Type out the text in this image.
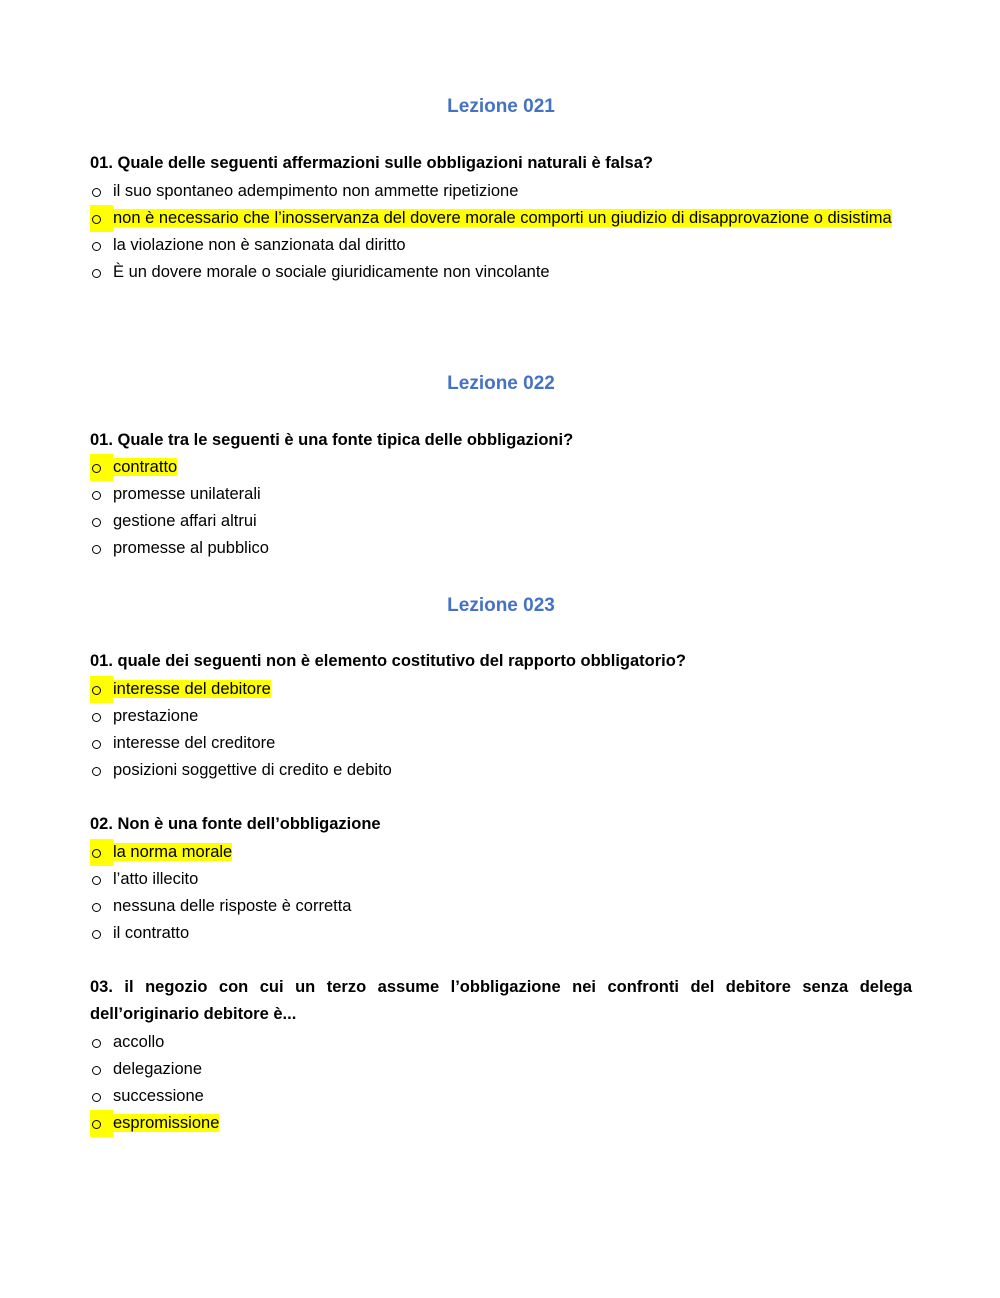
Lezione 021
01. Quale delle seguenti affermazioni sulle obbligazioni naturali è falsa?
il suo spontaneo adempimento non ammette ripetizione
non è necessario che l’inosservanza del dovere morale comporti un giudizio di disapprovazione o disistima
la violazione non è sanzionata dal diritto
È un dovere morale o sociale giuridicamente non vincolante
Lezione 022
01. Quale tra le seguenti è una fonte tipica delle obbligazioni?
contratto
promesse unilaterali
gestione affari altrui
promesse al pubblico
Lezione 023
01. quale dei seguenti non è elemento costitutivo del rapporto obbligatorio?
interesse del debitore
prestazione
interesse del creditore
posizioni soggettive di credito e debito
02. Non è una fonte dell’obbligazione
la norma morale
l’atto illecito
nessuna delle risposte è corretta
il contratto
03. il negozio con cui un terzo assume l’obbligazione nei confronti del debitore senza delega dell’originario debitore è...
accollo
delegazione
successione
espromissione
